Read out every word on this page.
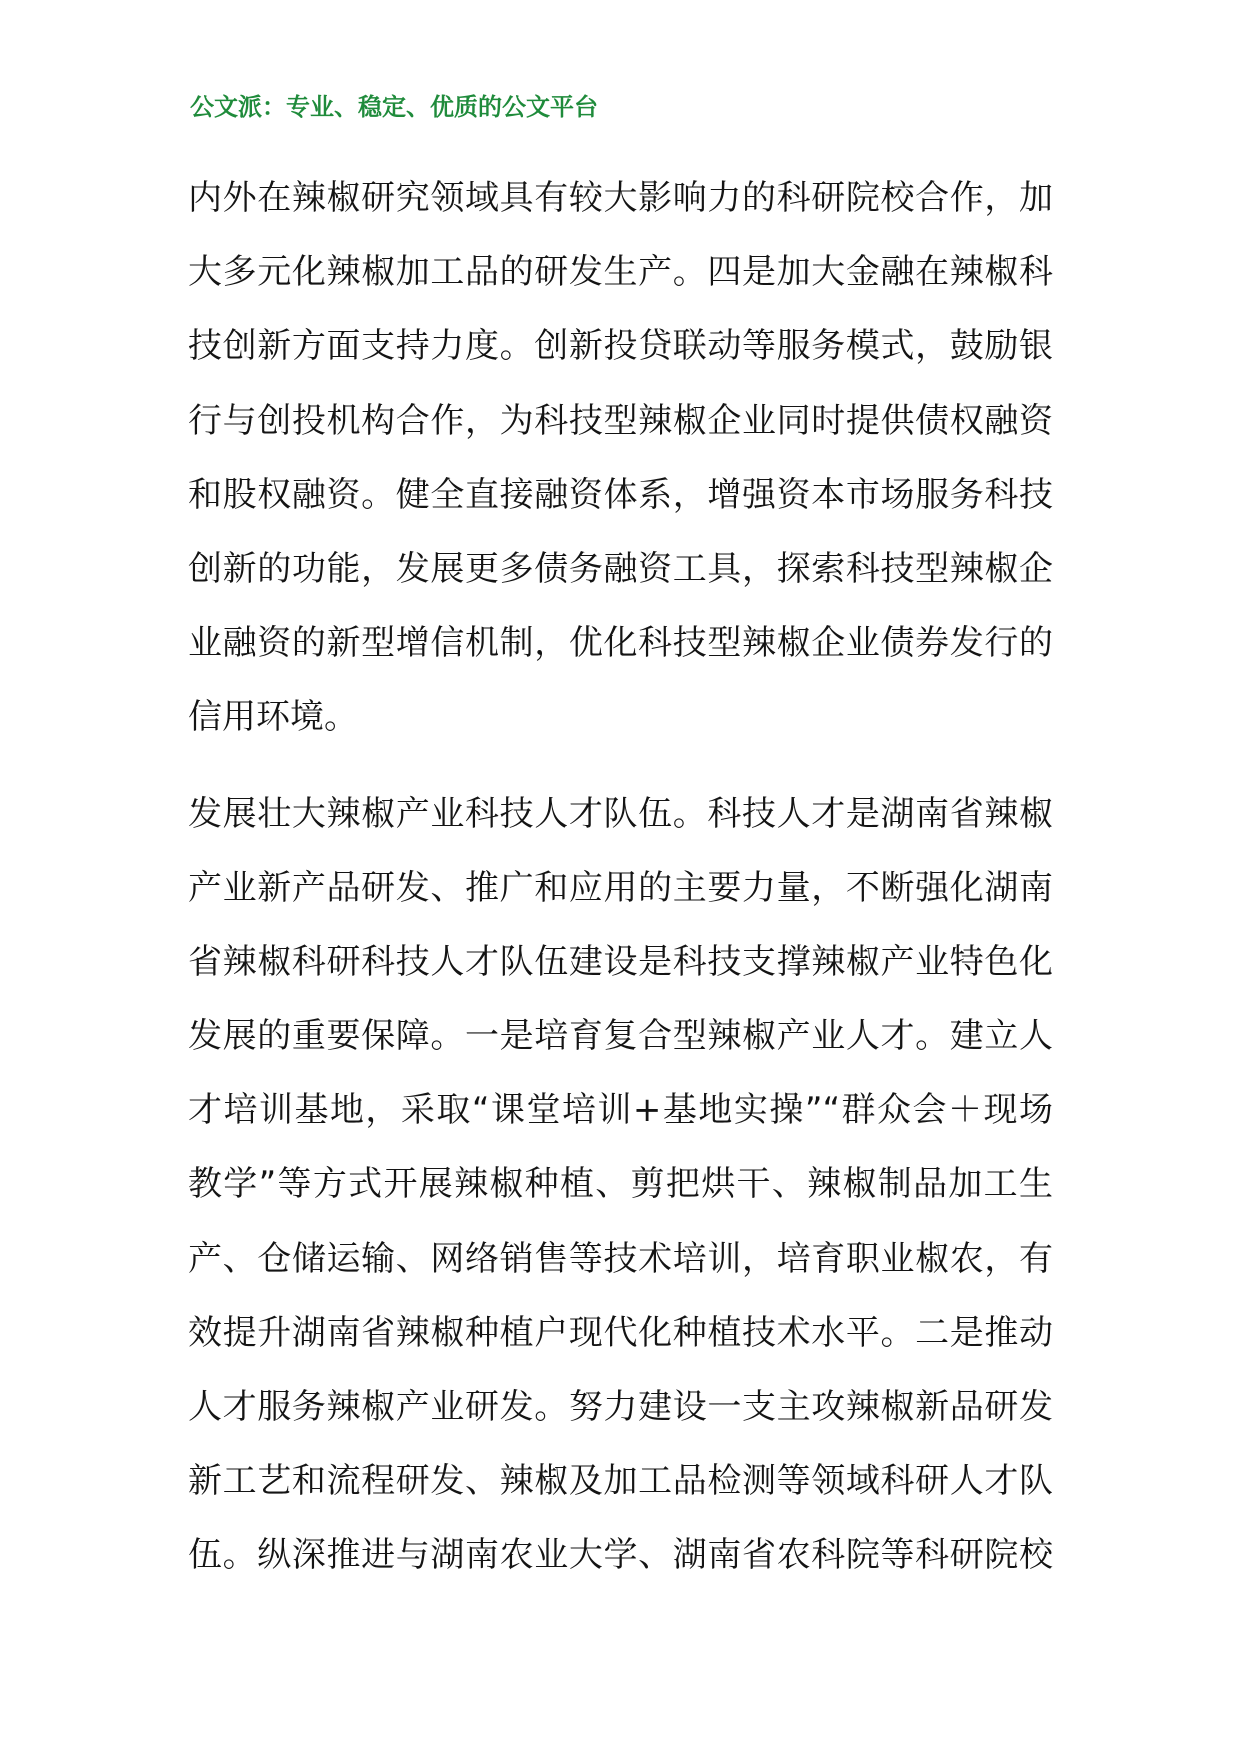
公文派：专业、稳定、优质的公文平台
内外在辣椒研究领域具有较大影响力的科研院校合作，加
大多元化辣椒加工品的研发生产。四是加大金融在辣椒科
技创新方面支持力度。创新投贷联动等服务模式，鼓励银
行与创投机构合作，为科技型辣椒企业同时提供债权融资
和股权融资。健全直接融资体系，增强资本市场服务科技
创新的功能，发展更多债务融资工具，探索科技型辣椒企
业融资的新型增信机制，优化科技型辣椒企业债券发行的
信用环境。
发展壮大辣椒产业科技人才队伍。科技人才是湖南省辣椒
产业新产品研发、推广和应用的主要力量，不断强化湖南
省辣椒科研科技人才队伍建设是科技支撑辣椒产业特色化
发展的重要保障。一是培育复合型辣椒产业人才。建立人
才培训基地，采取“课堂培训+基地实操”“群众会＋现场
教学”等方式开展辣椒种植、剪把烘干、辣椒制品加工生
产、仓储运输、网络销售等技术培训，培育职业椒农，有
效提升湖南省辣椒种植户现代化种植技术水平。二是推动
人才服务辣椒产业研发。努力建设一支主攻辣椒新品研发
新工艺和流程研发、辣椒及加工品检测等领域科研人才队
伍。纵深推进与湖南农业大学、湖南省农科院等科研院校
